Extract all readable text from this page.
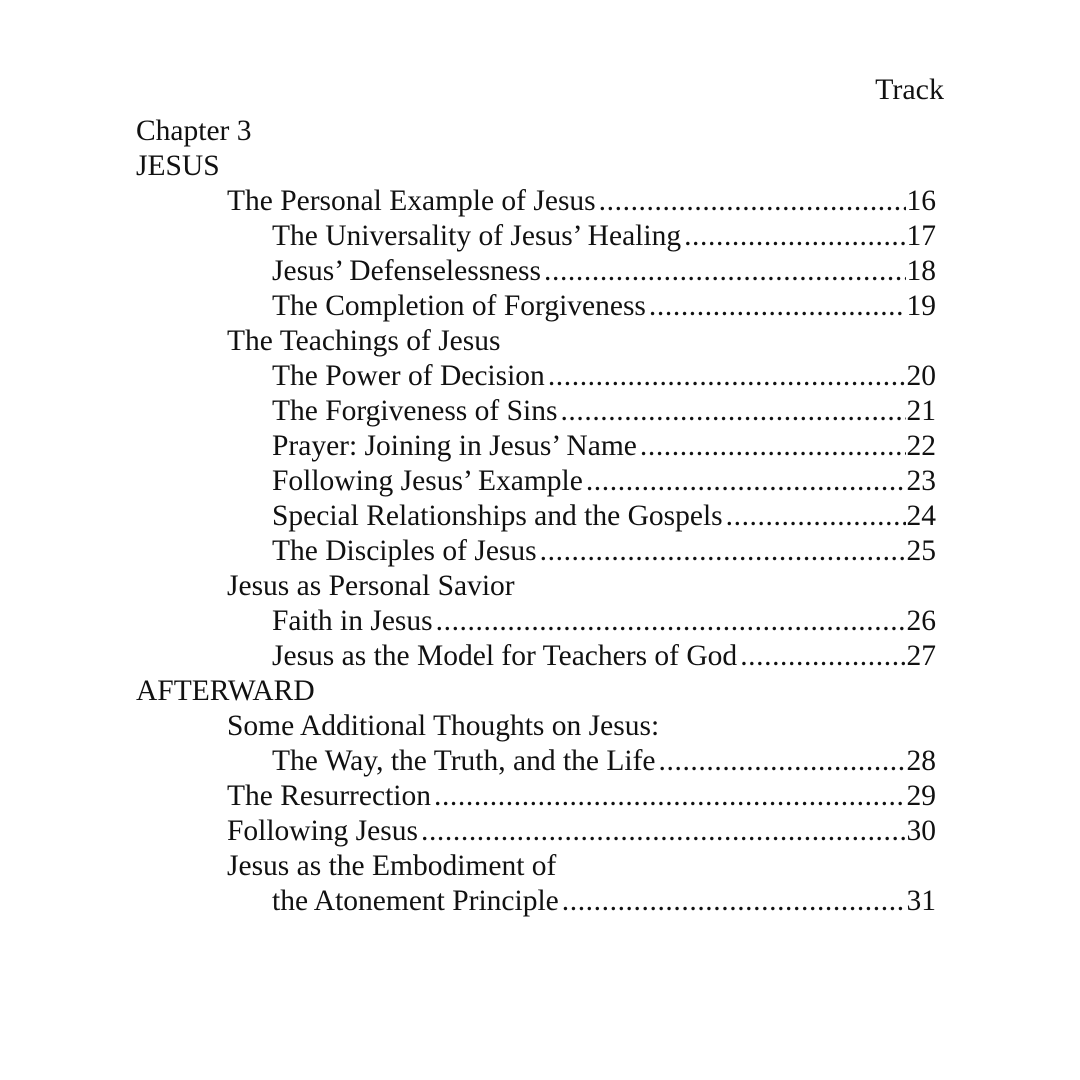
Track
Chapter 3
JESUS
The Personal Example of Jesus .....	16
The Universality of Jesus’ Healing .....	17
Jesus’ Defenselessness .....	18
The Completion of Forgiveness .....	19
The Teachings of Jesus
The Power of Decision .....	20
The Forgiveness of Sins .....	21
Prayer: Joining in Jesus’ Name .....	22
Following Jesus’ Example .....	23
Special Relationships and the Gospels .....	24
The Disciples of Jesus .....	25
Jesus as Personal Savior
Faith in Jesus .....	26
Jesus as the Model for Teachers of God .....	27
AFTERWARD
Some Additional Thoughts on Jesus:
The Way, the Truth, and the Life .....	28
The Resurrection .....	29
Following Jesus .....	30
Jesus as the Embodiment of
the Atonement Principle .....	31
